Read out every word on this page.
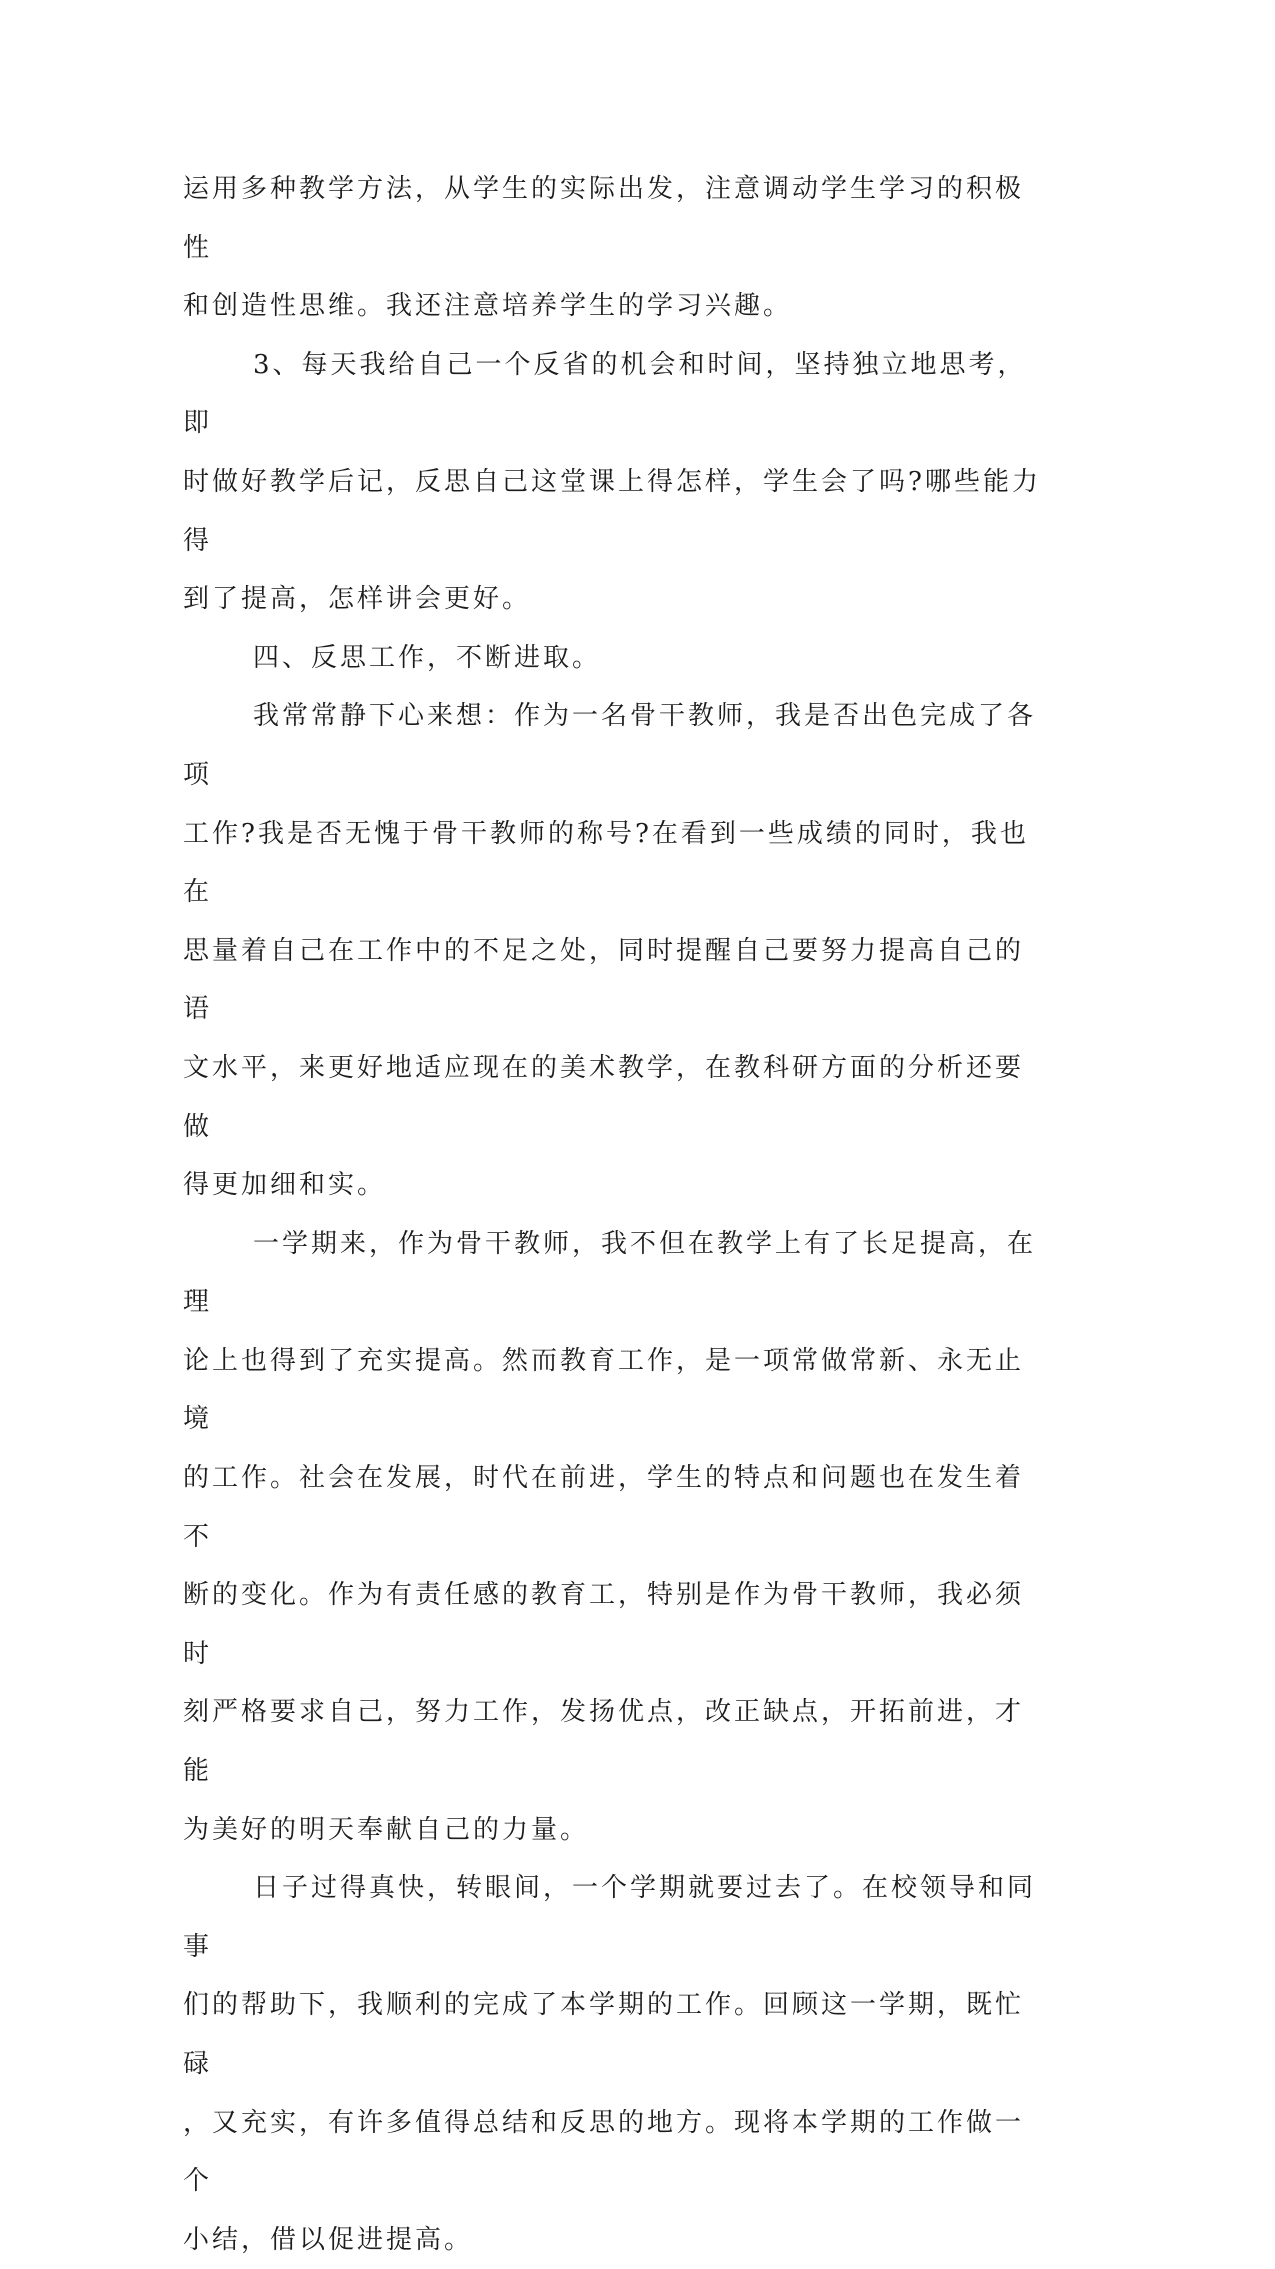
运用多种教学方法，从学生的实际出发，注意调动学生学习的积极性
和创造性思维。我还注意培养学生的学习兴趣。

3、每天我给自己一个反省的机会和时间，坚持独立地思考，即
时做好教学后记，反思自己这堂课上得怎样，学生会了吗?哪些能力得
到了提高，怎样讲会更好。

四、反思工作，不断进取。

我常常静下心来想：作为一名骨干教师，我是否出色完成了各项
工作?我是否无愧于骨干教师的称号?在看到一些成绩的同时，我也在
思量着自己在工作中的不足之处，同时提醒自己要努力提高自己的语
文水平，来更好地适应现在的美术教学，在教科研方面的分析还要做
得更加细和实。

一学期来，作为骨干教师，我不但在教学上有了长足提高，在理
论上也得到了充实提高。然而教育工作，是一项常做常新、永无止境
的工作。社会在发展，时代在前进，学生的特点和问题也在发生着不
断的变化。作为有责任感的教育工，特别是作为骨干教师，我必须时
刻严格要求自己，努力工作，发扬优点，改正缺点，开拓前进，才能
为美好的明天奉献自己的力量。

日子过得真快，转眼间，一个学期就要过去了。在校领导和同事
们的帮助下，我顺利的完成了本学期的工作。回顾这一学期，既忙碌
，又充实，有许多值得总结和反思的地方。现将本学期的工作做一个
小结，借以促进提高。
